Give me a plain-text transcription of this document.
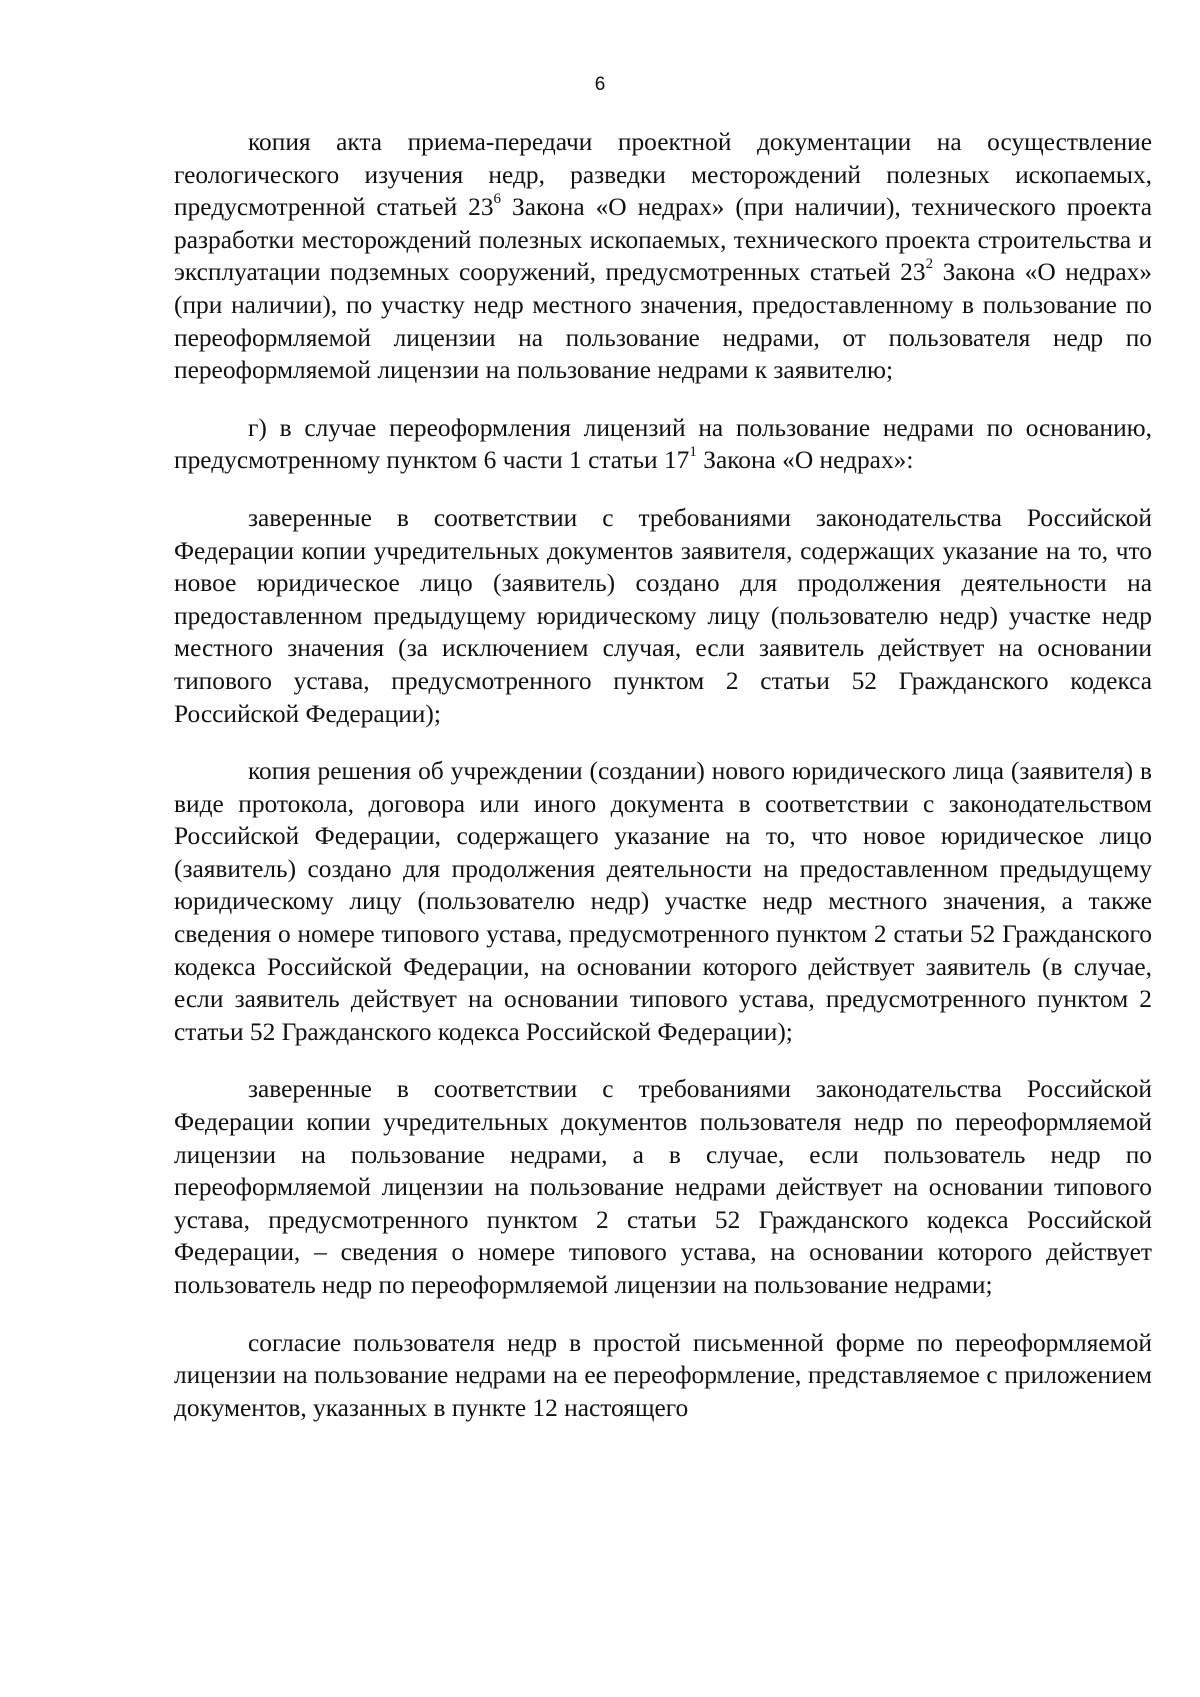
6

копия акта приема-передачи проектной документации на осуществление геологического изучения недр, разведки месторождений полезных ископаемых, предусмотренной статьей $23^6$ Закона «О недрах» (при наличии), технического проекта разработки месторождений полезных ископаемых, технического проекта строительства и эксплуатации подземных сооружений, предусмотренных статьей $23^2$ Закона «О недрах» (при наличии), по участку недр местного значения, предоставленному в пользование по переоформляемой лицензии на пользование недрами, от пользователя недр по переоформляемой лицензии на пользование недрами к заявителю;

г) в случае переоформления лицензий на пользование недрами по основанию, предусмотренному пунктом 6 части 1 статьи $17^1$ Закона «О недрах»:

заверенные в соответствии с требованиями законодательства Российской Федерации копии учредительных документов заявителя, содержащих указание на то, что новое юридическое лицо (заявитель) создано для продолжения деятельности на предоставленном предыдущему юридическому лицу (пользователю недр) участке недр местного значения (за исключением случая, если заявитель действует на основании типового устава, предусмотренного пунктом 2 статьи 52 Гражданского кодекса Российской Федерации);

копия решения об учреждении (создании) нового юридического лица (заявителя) в виде протокола, договора или иного документа в соответствии с законодательством Российской Федерации, содержащего указание на то, что новое юридическое лицо (заявитель) создано для продолжения деятельности на предоставленном предыдущему юридическому лицу (пользователю недр) участке недр местного значения, а также сведения о номере типового устава, предусмотренного пунктом 2 статьи 52 Гражданского кодекса Российской Федерации, на основании которого действует заявитель (в случае, если заявитель действует на основании типового устава, предусмотренного пунктом 2 статьи 52 Гражданского кодекса Российской Федерации);

заверенные в соответствии с требованиями законодательства Российской Федерации копии учредительных документов пользователя недр по переоформляемой лицензии на пользование недрами, а в случае, если пользователь недр по переоформляемой лицензии на пользование недрами действует на основании типового устава, предусмотренного пунктом 2 статьи 52 Гражданского кодекса Российской Федерации, – сведения о номере типового устава, на основании которого действует пользователь недр по переоформляемой лицензии на пользование недрами;

согласие пользователя недр в простой письменной форме по переоформляемой лицензии на пользование недрами на ее переоформление, представляемое с приложением документов, указанных в пункте 12 настоящего
